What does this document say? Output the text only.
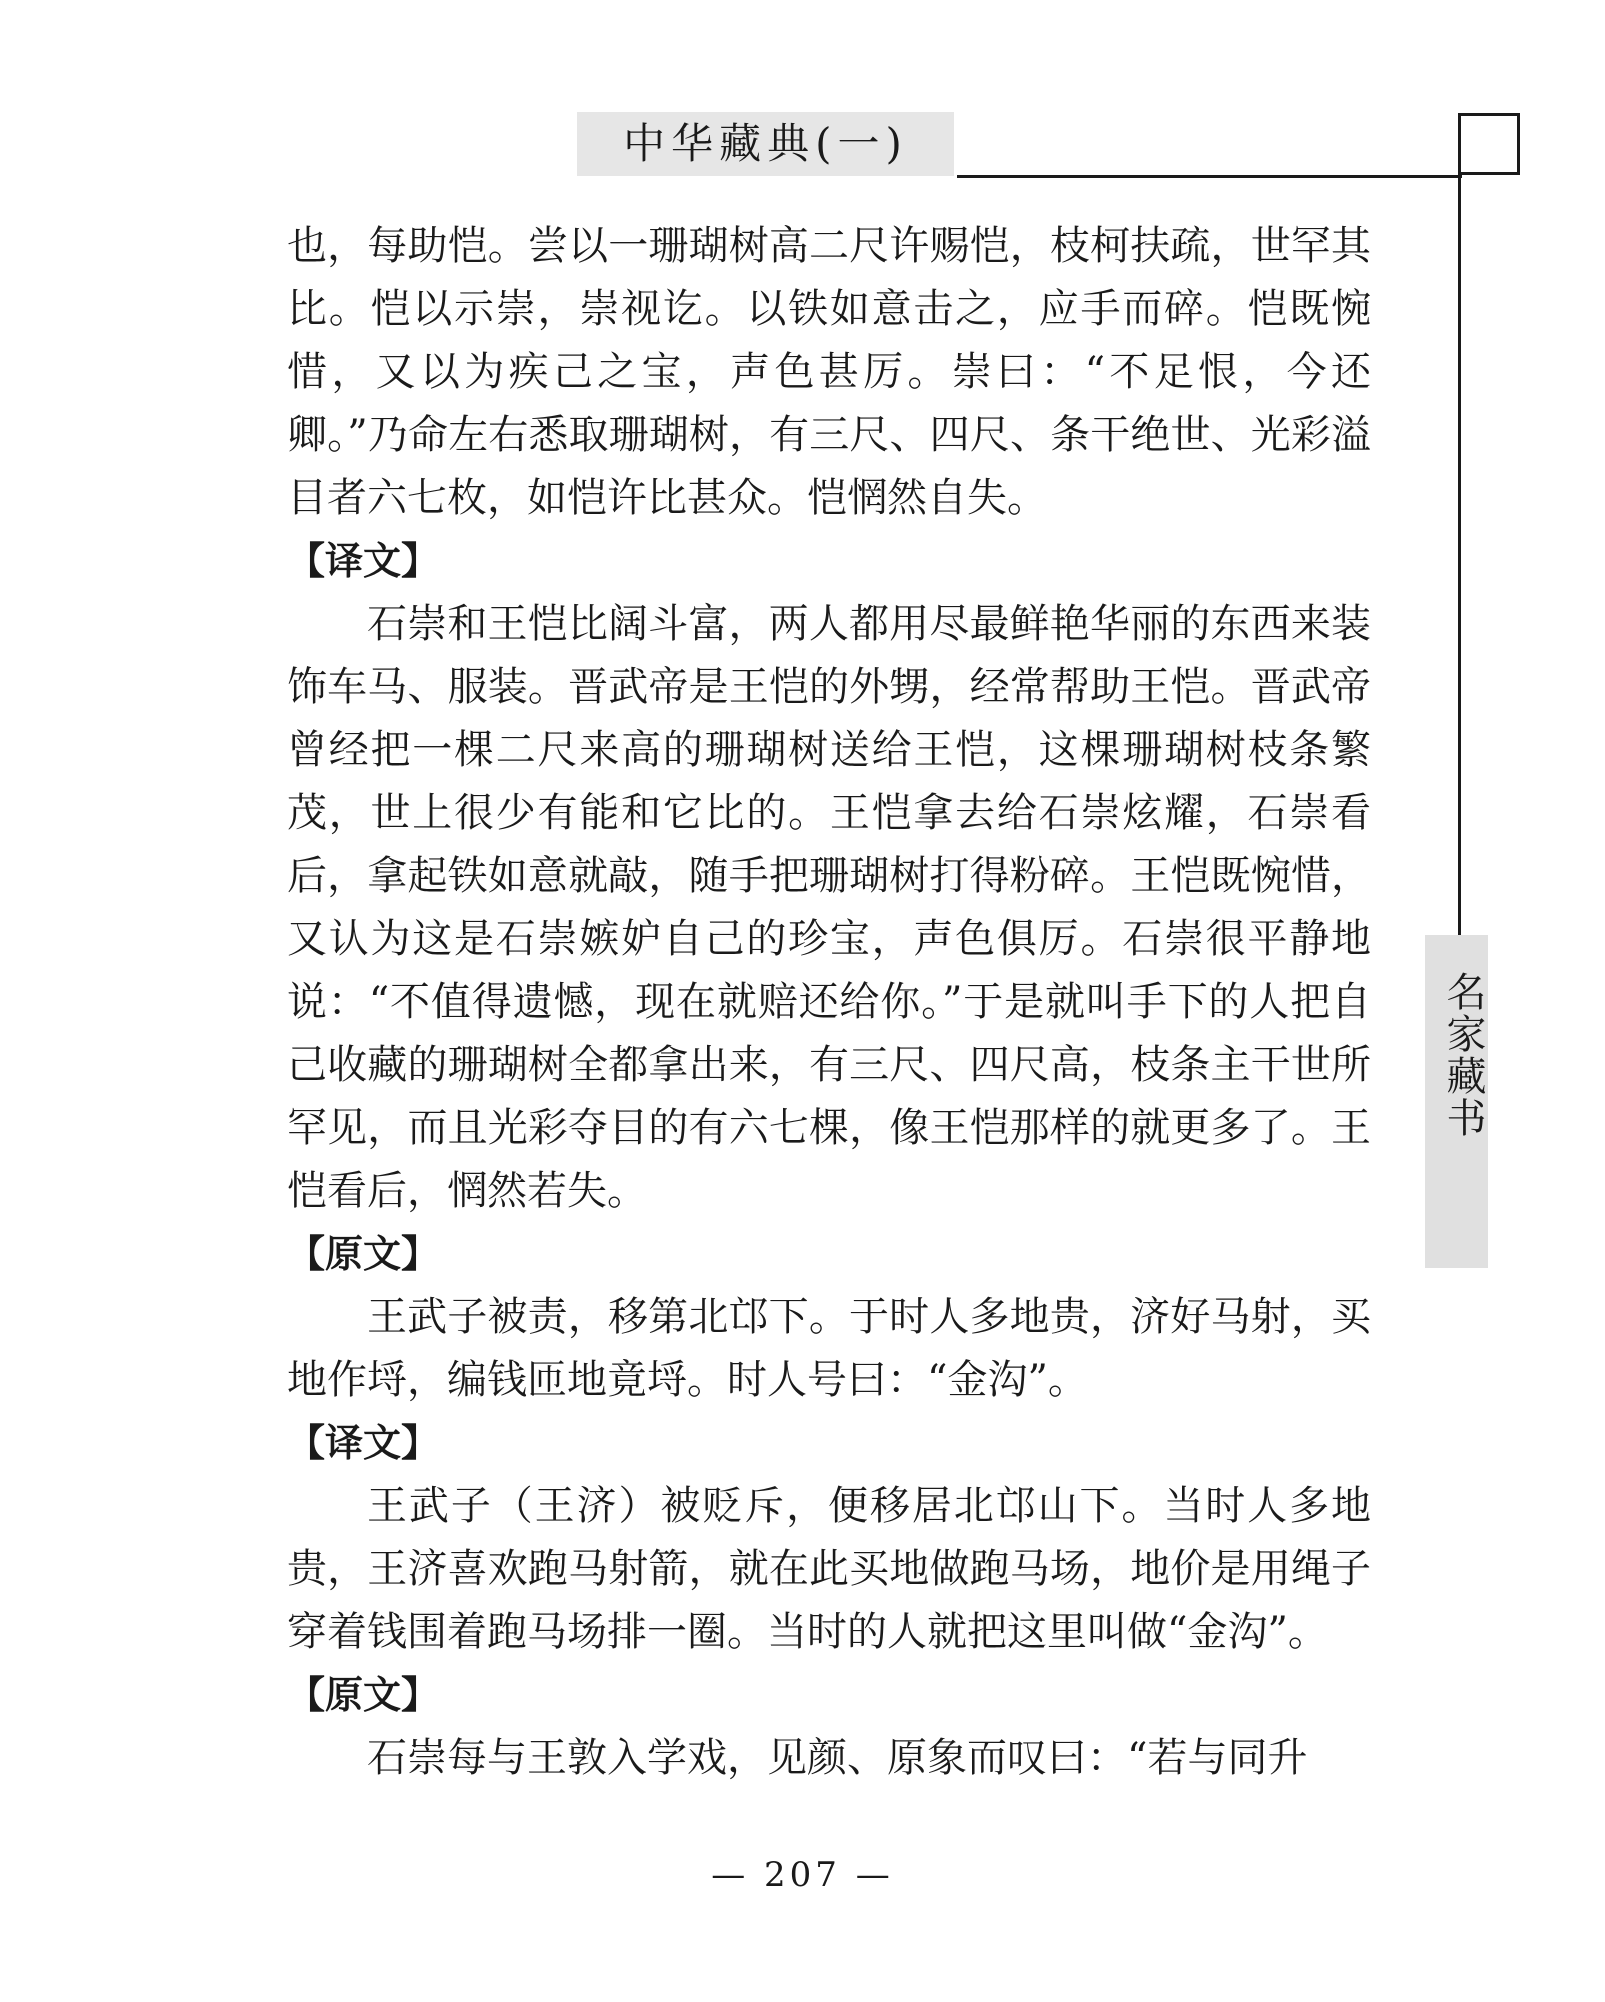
中华藏典(一)
名家藏书

也，每助恺。尝以一珊瑚树高二尺许赐恺，枝柯扶疏，世罕其比。恺以示崇，崇视讫。以铁如意击之，应手而碎。恺既惋惜，又以为疾己之宝，声色甚厉。崇曰：“不足恨，今还卿。”乃命左右悉取珊瑚树，有三尺、四尺、条干绝世、光彩溢目者六七枚，如恺许比甚众。恺惘然自失。

【译文】

石崇和王恺比阔斗富，两人都用尽最鲜艳华丽的东西来装饰车马、服装。晋武帝是王恺的外甥，经常帮助王恺。晋武帝曾经把一棵二尺来高的珊瑚树送给王恺，这棵珊瑚树枝条繁茂，世上很少有能和它比的。王恺拿去给石崇炫耀，石崇看后，拿起铁如意就敲，随手把珊瑚树打得粉碎。王恺既惋惜，又认为这是石崇嫉妒自己的珍宝，声色俱厉。石崇很平静地说：“不值得遗憾，现在就赔还给你。”于是就叫手下的人把自己收藏的珊瑚树全都拿出来，有三尺、四尺高，枝条主干世所罕见，而且光彩夺目的有六七棵，像王恺那样的就更多了。王恺看后，惘然若失。

【原文】

王武子被责，移第北邙下。于时人多地贵，济好马射，买地作埒，编钱匝地竟埒。时人号曰：“金沟”。

【译文】

王武子（王济）被贬斥，便移居北邙山下。当时人多地贵，王济喜欢跑马射箭，就在此买地做跑马场，地价是用绳子穿着钱围着跑马场排一圈。当时的人就把这里叫做“金沟”。

【原文】

石崇每与王敦入学戏，见颜、原象而叹曰：“若与同升

— 207 —
